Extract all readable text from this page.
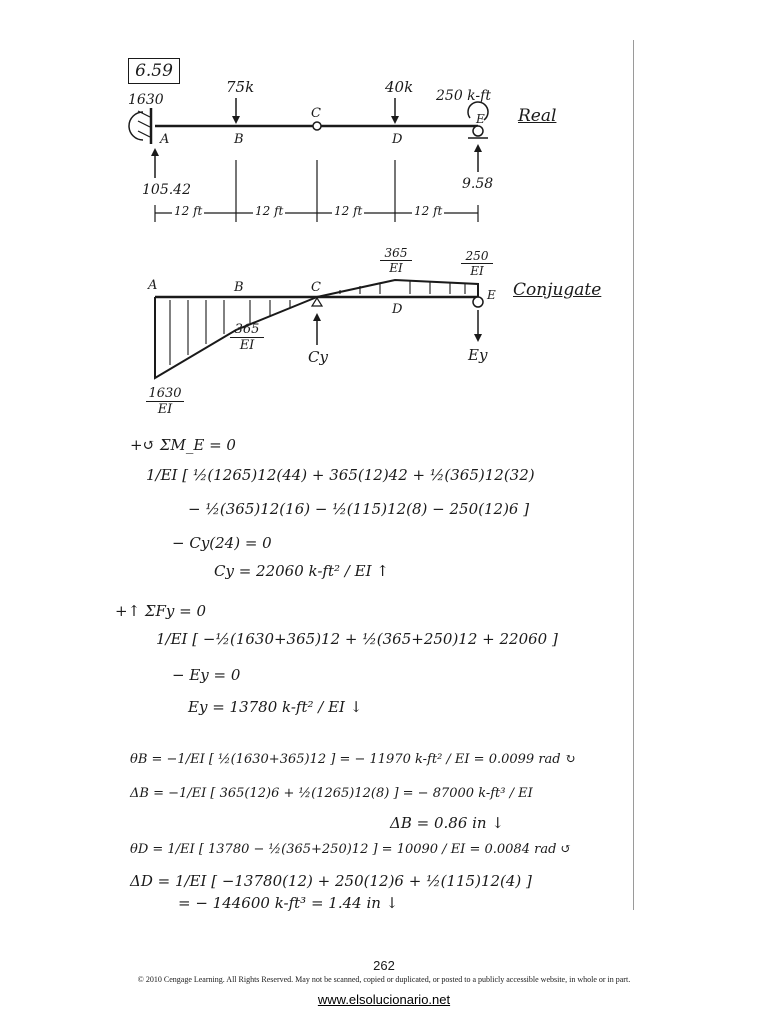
6.59
1630
75k	40k 250 k-ft
A	B
C
D
E Real
105.42	9.58
12 ft	12 ft	12 ft	12 ft
A	B	C
D
E Conjugate
1630
EI
365
EI
365
EI
250
EI
Cy	Ey
+↺ ΣM_E = 0
1/EI [ ½(1265)12(44) + 365(12)42 + ½(365)12(32)
− ½(365)12(16) − ½(115)12(8) − 250(12)6 ]
− Cy(24) = 0
Cy = 22060 k-ft² / EI ↑
+↑ ΣFy = 0
1/EI [ −½(1630+365)12 + ½(365+250)12 + 22060 ]
− Ey = 0
Ey = 13780 k-ft² / EI ↓
θB = −1/EI [ ½(1630+365)12 ] = − 11970 k-ft² / EI = 0.0099 rad ↻
ΔB = −1/EI [ 365(12)6 + ½(1265)12(8) ] = − 87000 k-ft³ / EI
ΔB = 0.86 in ↓
θD = 1/EI [ 13780 − ½(365+250)12 ] = 10090 / EI = 0.0084 rad ↺
ΔD = 1/EI [ −13780(12) + 250(12)6 + ½(115)12(4) ]
= − 144600 k-ft³ = 1.44 in ↓
262
© 2010 Cengage Learning. All Rights Reserved. May not be scanned, copied or duplicated, or posted to a publicly accessible website, in whole or in part.
www.elsolucionario.net
